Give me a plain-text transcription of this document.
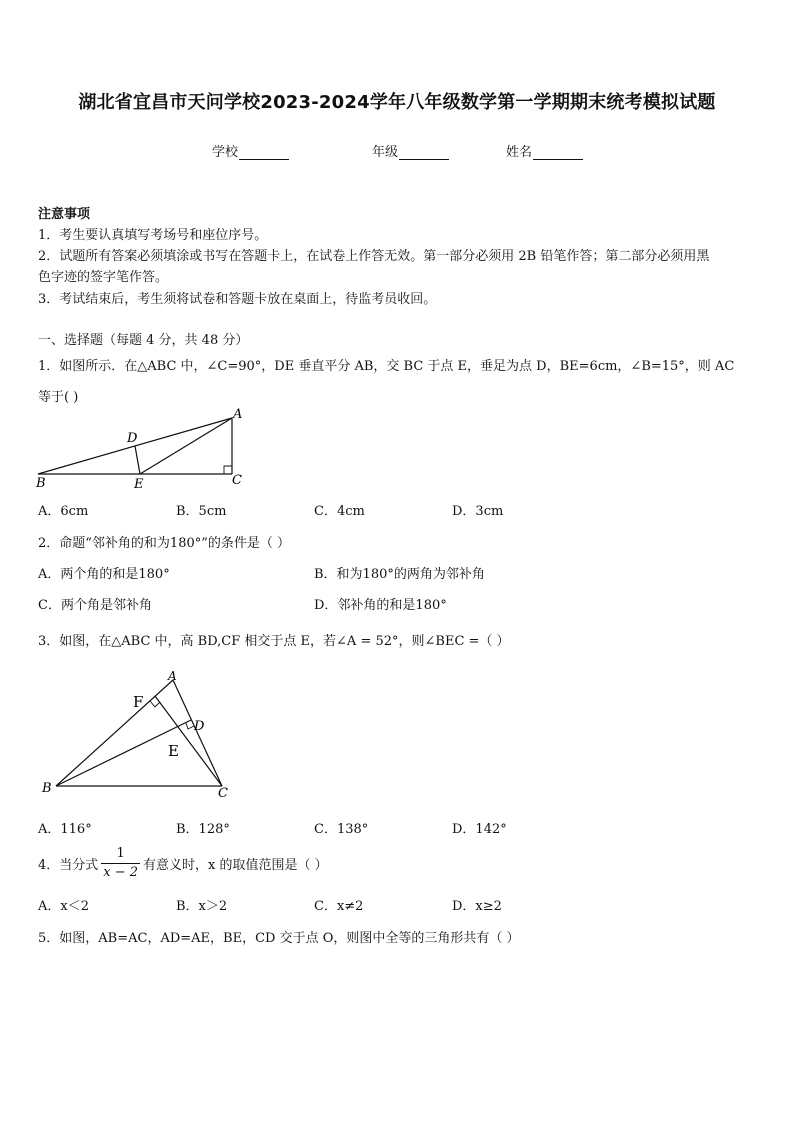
湖北省宜昌市天问学校2023-2024学年八年级数学第一学期期末统考模拟试题
学校	年级	姓名
注意事项
1．考生要认真填写考场号和座位序号。
2．试题所有答案必须填涂或书写在答题卡上，在试卷上作答无效。第一部分必须用 2B 铅笔作答；第二部分必须用黑
色字迹的签字笔作答。
3．考试结束后，考生须将试卷和答题卡放在桌面上，待监考员收回。
一、选择题（每题 4 分，共 48 分）
1．如图所示．在△ABC 中，∠C=90°，DE 垂直平分 AB，交 BC 于点 E，垂足为点 D，BE=6cm，∠B=15°，则 AC
等于( )
A
D
B	E	C
A．6cm	B．5cm	C．4cm	D．3cm
2．命题“邻补角的和为180°”的条件是（ ）
A．两个角的和是180°	B．和为180°的两角为邻补角
C．两个角是邻补角	D．邻补角的和是180°
3．如图，在△ABC 中，高 BD,CF 相交于点 E，若∠A = 52°，则∠BEC =（ ）
A
F
D
E
B	C
A．116°	B．128°	C．138°	D．142°
4．当分式 $\frac{1}{x - 2}$ 有意义时，x 的取值范围是（ ）
A．x＜2	B．x＞2	C．x≠2	D．x≥2
5．如图，AB=AC，AD=AE，BE，CD 交于点 O，则图中全等的三角形共有（ ）
